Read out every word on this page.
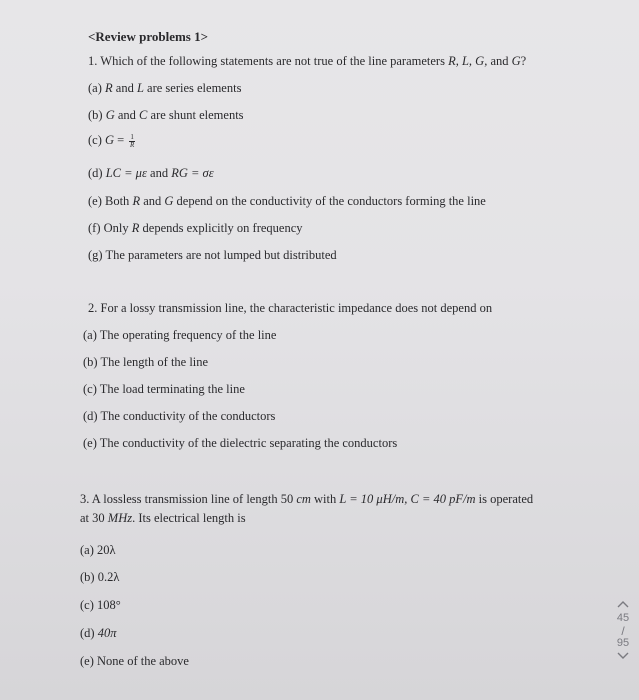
<Review problems 1>
1. Which of the following statements are not true of the line parameters R, L, G, and G?
(a) R and L are series elements
(b) G and C are shunt elements
(c) $G = \frac{1}{R}$
(d) LC = με and RG = σε
(e) Both R and G depend on the conductivity of the conductors forming the line
(f) Only R depends explicitly on frequency
(g) The parameters are not lumped but distributed
2. For a lossy transmission line, the characteristic impedance does not depend on
(a) The operating frequency of the line
(b) The length of the line
(c) The load terminating the line
(d) The conductivity of the conductors
(e) The conductivity of the dielectric separating the conductors
3. A lossless transmission line of length 50 cm with L = 10 μH/m, C = 40 pF/m is operated
at 30 MHz. Its electrical length is
(a) 20λ
(b) 0.2λ
(c) 108°
(d) 40π
(e) None of the above
45
/
95
